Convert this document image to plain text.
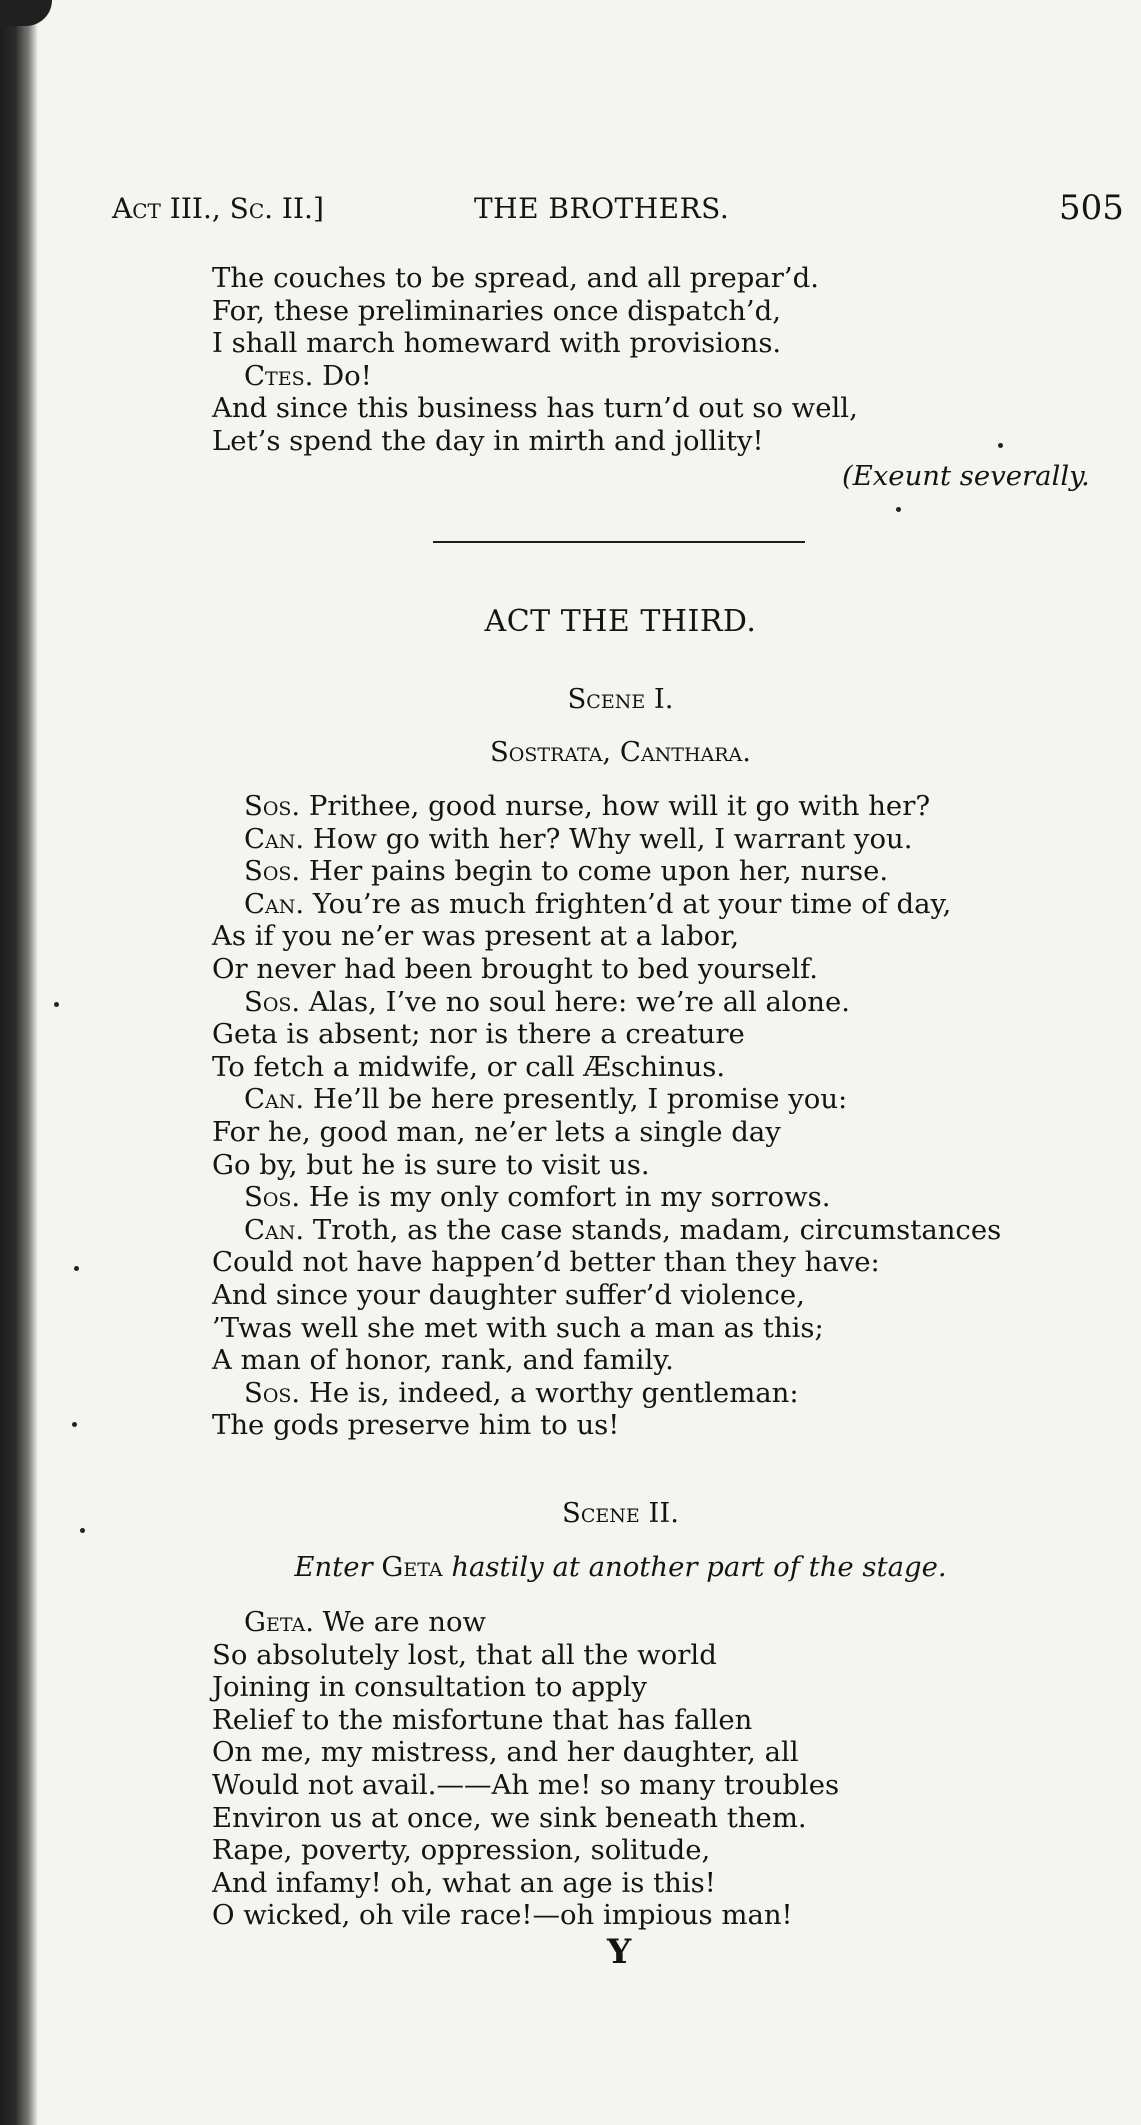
Act III., Sc. II.]	THE BROTHERS.	505
The couches to be spread, and all prepar’d.
For, these preliminaries once dispatch’d,
I shall march homeward with provisions.
Ctes. Do!
And since this business has turn’d out so well,
Let’s spend the day in mirth and jollity!
(Exeunt severally.
ACT THE THIRD.
Scene I.
Sostrata, Canthara.
Sos. Prithee, good nurse, how will it go with her?
Can. How go with her? Why well, I warrant you.
Sos. Her pains begin to come upon her, nurse.
Can. You’re as much frighten’d at your time of day,
As if you ne’er was present at a labor,
Or never had been brought to bed yourself.
Sos. Alas, I’ve no soul here: we’re all alone.
Geta is absent; nor is there a creature
To fetch a midwife, or call Æschinus.
Can. He’ll be here presently, I promise you:
For he, good man, ne’er lets a single day
Go by, but he is sure to visit us.
Sos. He is my only comfort in my sorrows.
Can. Troth, as the case stands, madam, circumstances
Could not have happen’d better than they have:
And since your daughter suffer’d violence,
’Twas well she met with such a man as this;
A man of honor, rank, and family.
Sos. He is, indeed, a worthy gentleman:
The gods preserve him to us!
Scene II.
Enter Geta hastily at another part of the stage.
Geta. We are now
So absolutely lost, that all the world
Joining in consultation to apply
Relief to the misfortune that has fallen
On me, my mistress, and her daughter, all
Would not avail.——Ah me! so many troubles
Environ us at once, we sink beneath them.
Rape, poverty, oppression, solitude,
And infamy! oh, what an age is this!
O wicked, oh vile race!—oh impious man!
Y
